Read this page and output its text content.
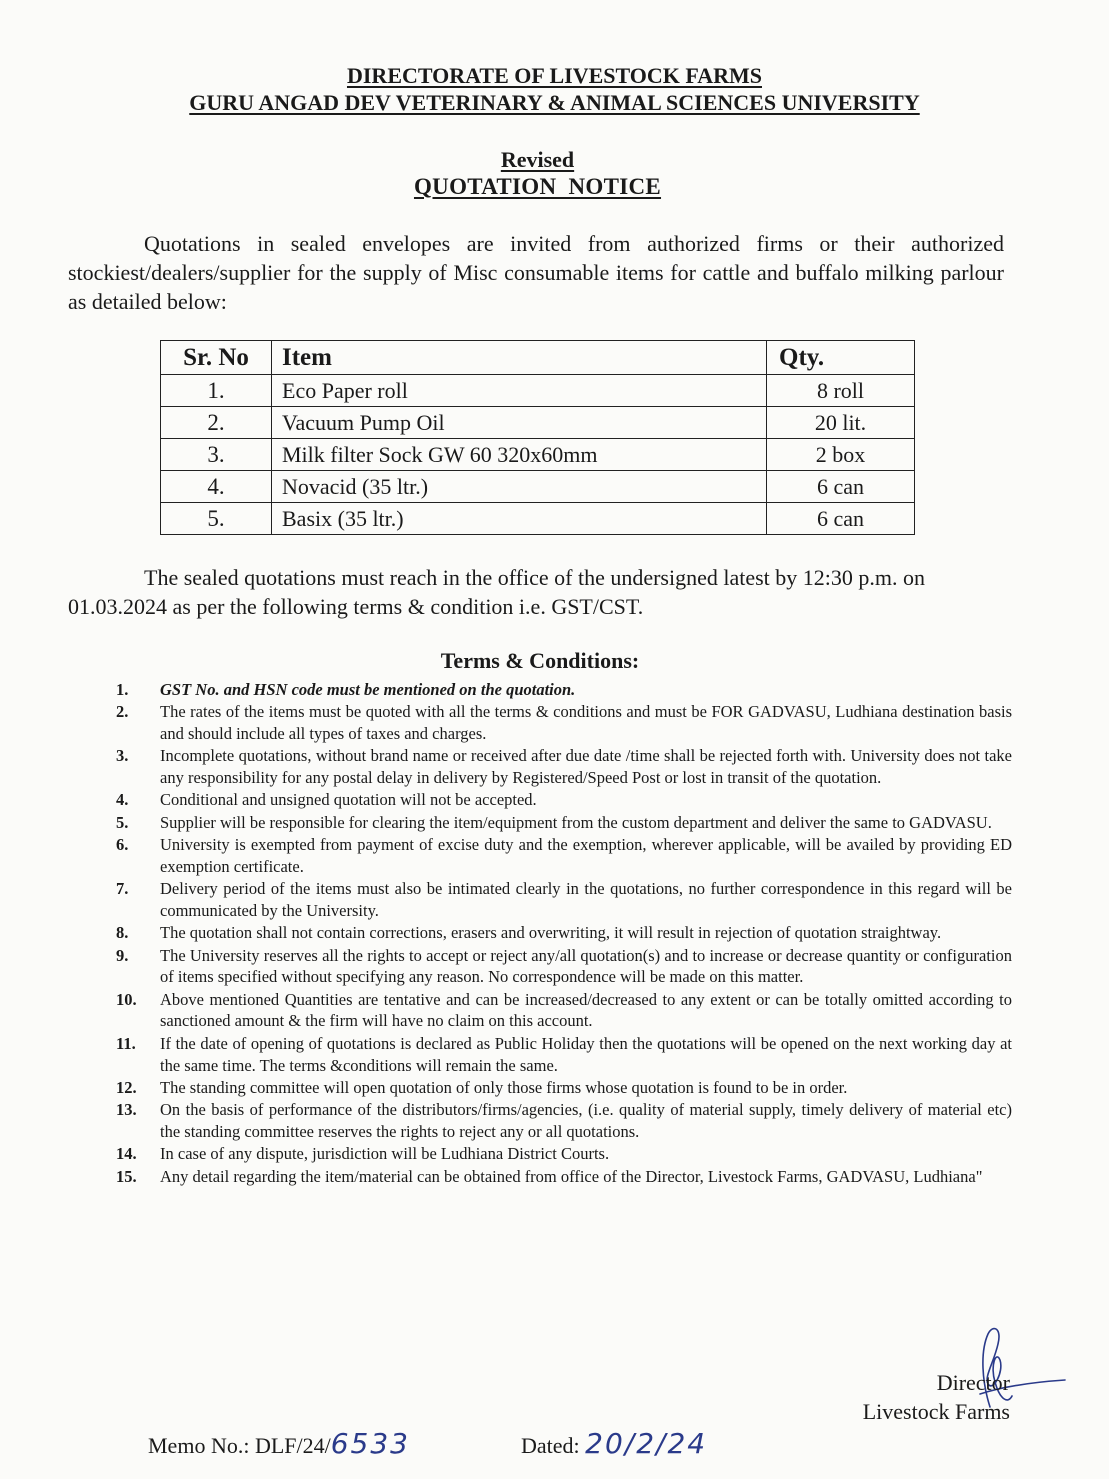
DIRECTORATE OF LIVESTOCK FARMS
GURU ANGAD DEV VETERINARY & ANIMAL SCIENCES UNIVERSITY
Revised
QUOTATION  NOTICE

Quotations in sealed envelopes are invited from authorized firms or their authorized stockiest/dealers/supplier for the supply of Misc consumable items for cattle and buffalo milking parlour as detailed below:

Sr. No	Item	Qty.
1.	Eco Paper roll	8 roll
2.	Vacuum Pump Oil	20 lit.
3.	Milk filter Sock GW 60 320x60mm	2 box
4.	Novacid (35 ltr.)	6 can
5.	Basix (35 ltr.)	6 can

The sealed quotations must reach in the office of the undersigned latest by 12:30 p.m. on 01.03.2024 as per the following terms & condition i.e. GST/CST.

Terms & Conditions:
1.	GST No. and HSN code must be mentioned on the quotation.
2.	The rates of the items must be quoted with all the terms & conditions and must be FOR GADVASU, Ludhiana destination basis and should include all types of taxes and charges.
3.	Incomplete quotations, without brand name or received after due date /time shall be rejected forth with. University does not take any responsibility for any postal delay in delivery by Registered/Speed Post or lost in transit of the quotation.
4.	Conditional and unsigned quotation will not be accepted.
5.	Supplier will be responsible for clearing the item/equipment from the custom department and deliver the same to GADVASU.
6.	University is exempted from payment of excise duty and the exemption, wherever applicable, will be availed by providing ED exemption certificate.
7.	Delivery period of the items must also be intimated clearly in the quotations, no further correspondence in this regard will be communicated by the University.
8.	The quotation shall not contain corrections, erasers and overwriting, it will result in rejection of quotation straightway.
9.	The University reserves all the rights to accept or reject any/all quotation(s) and to increase or decrease quantity or configuration of items specified without specifying any reason. No correspondence will be made on this matter.
10.	Above mentioned Quantities are tentative and can be increased/decreased to any extent or can be totally omitted according to sanctioned amount & the firm will have no claim on this account.
11.	If the date of opening of quotations is declared as Public Holiday then the quotations will be opened on the next working day at the same time. The terms &conditions will remain the same.
12.	The standing committee will open quotation of only those firms whose quotation is found to be in order.
13.	On the basis of performance of the distributors/firms/agencies, (i.e. quality of material supply, timely delivery of material etc) the standing committee reserves the rights to reject any or all quotations.
14.	In case of any dispute, jurisdiction will be Ludhiana District Courts.
15.	Any detail regarding the item/material can be obtained from office of the Director, Livestock Farms, GADVASU, Ludhiana"
Director
Livestock Farms
Memo No.: DLF/24/6533	Dated: 20/2/24
